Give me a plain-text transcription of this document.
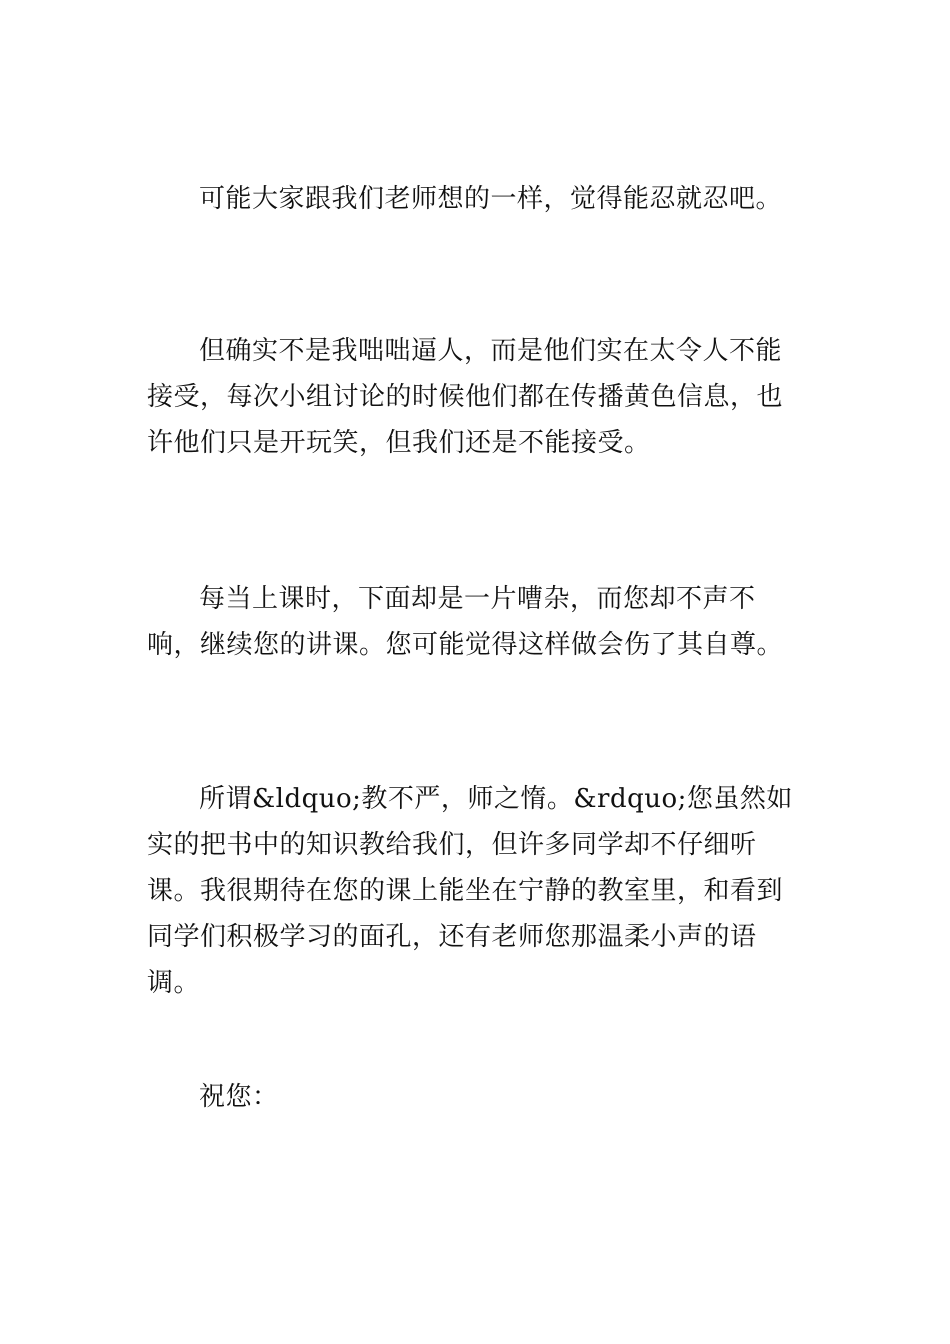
可能大家跟我们老师想的一样，觉得能忍就忍吧。

但确实不是我咄咄逼人，而是他们实在太令人不能接受，每次小组讨论的时候他们都在传播黄色信息，也许他们只是开玩笑，但我们还是不能接受。

每当上课时，下面却是一片嘈杂，而您却不声不响，继续您的讲课。您可能觉得这样做会伤了其自尊。

所谓&ldquo;教不严，师之惰。&rdquo;您虽然如实的把书中的知识教给我们，但许多同学却不仔细听课。我很期待在您的课上能坐在宁静的教室里，和看到同学们积极学习的面孔，还有老师您那温柔小声的语调。

祝您：
